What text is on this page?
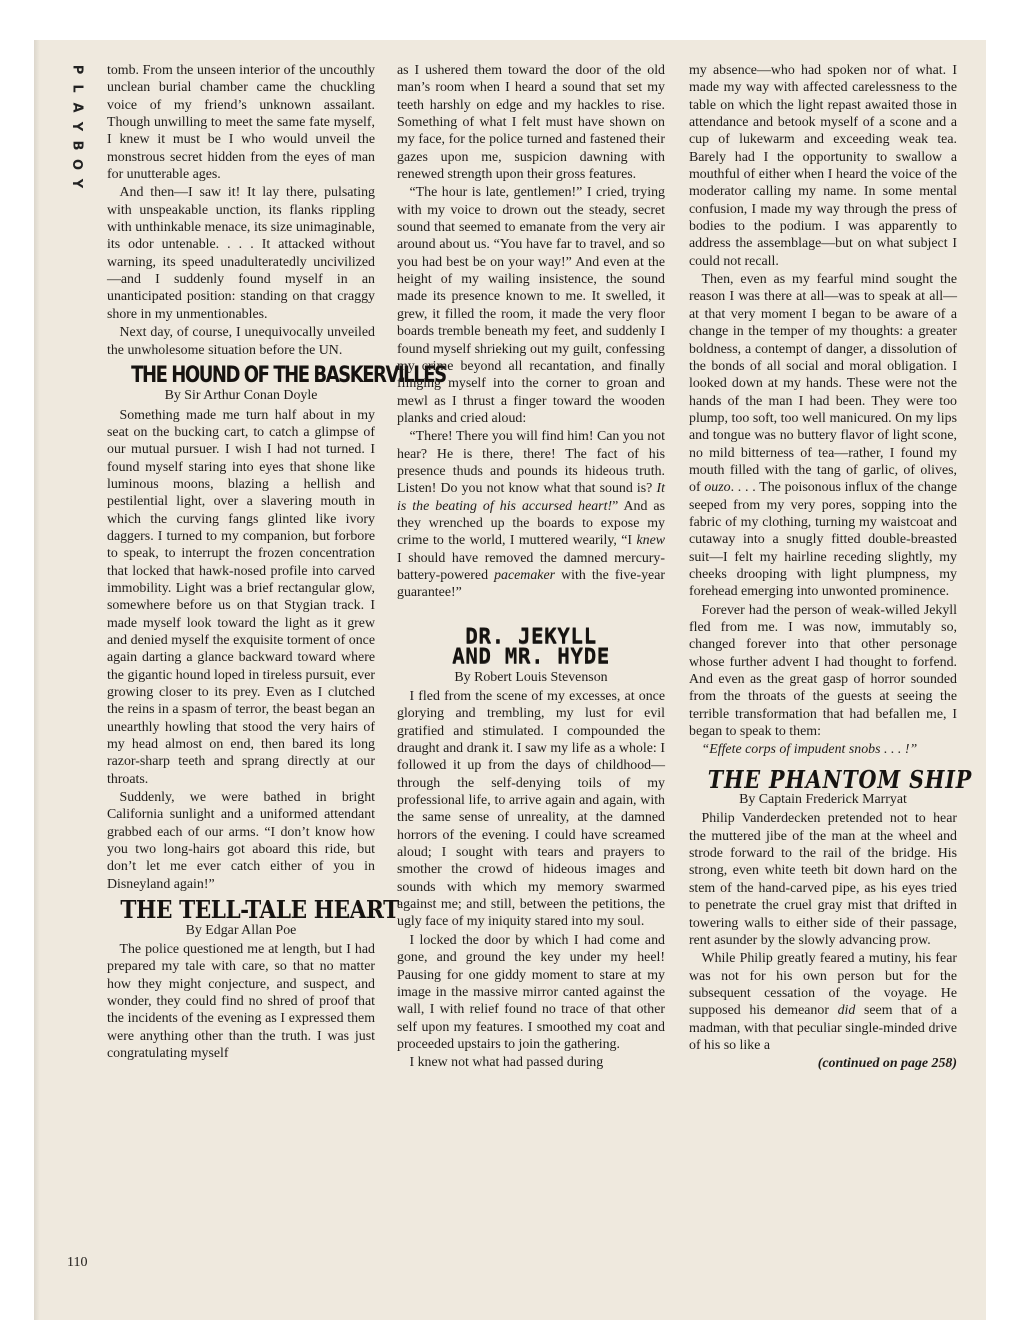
P
L
A
Y
B
O
Y

tomb. From the unseen interior of the uncouthly unclean burial chamber came the chuckling voice of my friend’s unknown assailant. Though unwilling to meet the same fate myself, I knew it must be I who would unveil the monstrous secret hidden from the eyes of man for unutterable ages.

And then—I saw it! It lay there, pulsating with unspeakable unction, its flanks rippling with unthinkable menace, its size unimaginable, its odor untenable. . . . It attacked without warning, its speed unadulteratedly uncivilized—and I suddenly found myself in an unanticipated position: standing on that craggy shore in my unmentionables.

Next day, of course, I unequivocally unveiled the unwholesome situation before the UN.

THE HOUND OF THE BASKERVILLES
By Sir Arthur Conan Doyle

Something made me turn half about in my seat on the bucking cart, to catch a glimpse of our mutual pursuer. I wish I had not turned. I found myself staring into eyes that shone like luminous moons, blazing a hellish and pestilential light, over a slavering mouth in which the curving fangs glinted like ivory daggers. I turned to my companion, but forbore to speak, to interrupt the frozen concentration that locked that hawk-nosed profile into carved immobility. Light was a brief rectangular glow, somewhere before us on that Stygian track. I made myself look toward the light as it grew and denied myself the exquisite torment of once again darting a glance backward toward where the gigantic hound loped in tireless pursuit, ever growing closer to its prey. Even as I clutched the reins in a spasm of terror, the beast began an unearthly howling that stood the very hairs of my head almost on end, then bared its long razor-sharp teeth and sprang directly at our throats.

Suddenly, we were bathed in bright California sunlight and a uniformed attendant grabbed each of our arms. “I don’t know how you two long-hairs got aboard this ride, but don’t let me ever catch either of you in Disneyland again!”

THE TELL-TALE HEART
By Edgar Allan Poe

The police questioned me at length, but I had prepared my tale with care, so that no matter how they might conjecture, and suspect, and wonder, they could find no shred of proof that the incidents of the evening as I expressed them were anything other than the truth. I was just congratulating myself

as I ushered them toward the door of the old man’s room when I heard a sound that set my teeth harshly on edge and my hackles to rise. Something of what I felt must have shown on my face, for the police turned and fastened their gazes upon me, suspicion dawning with renewed strength upon their gross features.

“The hour is late, gentlemen!” I cried, trying with my voice to drown out the steady, secret sound that seemed to emanate from the very air around about us. “You have far to travel, and so you had best be on your way!” And even at the height of my wailing insistence, the sound made its presence known to me. It swelled, it grew, it filled the room, it made the very floor boards tremble beneath my feet, and suddenly I found myself shrieking out my guilt, confessing my crime beyond all recantation, and finally flinging myself into the corner to groan and mewl as I thrust a finger toward the wooden planks and cried aloud:

“There! There you will find him! Can you not hear? He is there, there! The fact of his presence thuds and pounds its hideous truth. Listen! Do you not know what that sound is? It is the beating of his accursed heart!” And as they wrenched up the boards to expose my crime to the world, I muttered wearily, “I knew I should have removed the damned mercury-battery-powered pacemaker with the five-year guarantee!”

DR. JEKYLL
AND MR. HYDE
By Robert Louis Stevenson

I fled from the scene of my excesses, at once glorying and trembling, my lust for evil gratified and stimulated. I compounded the draught and drank it. I saw my life as a whole: I followed it up from the days of childhood—through the self-denying toils of my professional life, to arrive again and again, with the same sense of unreality, at the damned horrors of the evening. I could have screamed aloud; I sought with tears and prayers to smother the crowd of hideous images and sounds with which my memory swarmed against me; and still, between the petitions, the ugly face of my iniquity stared into my soul.

I locked the door by which I had come and gone, and ground the key under my heel! Pausing for one giddy moment to stare at my image in the massive mirror canted against the wall, I with relief found no trace of that other self upon my features. I smoothed my coat and proceeded upstairs to join the gathering.

I knew not what had passed during

my absence—who had spoken nor of what. I made my way with affected carelessness to the table on which the light repast awaited those in attendance and betook myself of a scone and a cup of lukewarm and exceeding weak tea. Barely had I the opportunity to swallow a mouthful of either when I heard the voice of the moderator calling my name. In some mental confusion, I made my way through the press of bodies to the podium. I was apparently to address the assemblage—but on what subject I could not recall.

Then, even as my fearful mind sought the reason I was there at all—was to speak at all—at that very moment I began to be aware of a change in the temper of my thoughts: a greater boldness, a contempt of danger, a dissolution of the bonds of all social and moral obligation. I looked down at my hands. These were not the hands of the man I had been. They were too plump, too soft, too well manicured. On my lips and tongue was no buttery flavor of light scone, no mild bitterness of tea—rather, I found my mouth filled with the tang of garlic, of olives, of ouzo. . . . The poisonous influx of the change seeped from my very pores, sopping into the fabric of my clothing, turning my waistcoat and cutaway into a snugly fitted double-breasted suit—I felt my hairline receding slightly, my cheeks drooping with light plumpness, my forehead emerging into unwonted prominence.

Forever had the person of weak-willed Jekyll fled from me. I was now, immutably so, changed forever into that other personage whose further advent I had thought to forfend. And even as the great gasp of horror sounded from the throats of the guests at seeing the terrible transformation that had befallen me, I began to speak to them:

“Effete corps of impudent snobs . . . !”

THE PHANTOM SHIP
By Captain Frederick Marryat

Philip Vanderdecken pretended not to hear the muttered jibe of the man at the wheel and strode forward to the rail of the bridge. His strong, even white teeth bit down hard on the stem of the hand-carved pipe, as his eyes tried to penetrate the cruel gray mist that drifted in towering walls to either side of their passage, rent asunder by the slowly advancing prow.

While Philip greatly feared a mutiny, his fear was not for his own person but for the subsequent cessation of the voyage. He supposed his demeanor did seem that of a madman, with that peculiar single-minded drive of his so like a

(continued on page 258)
110
